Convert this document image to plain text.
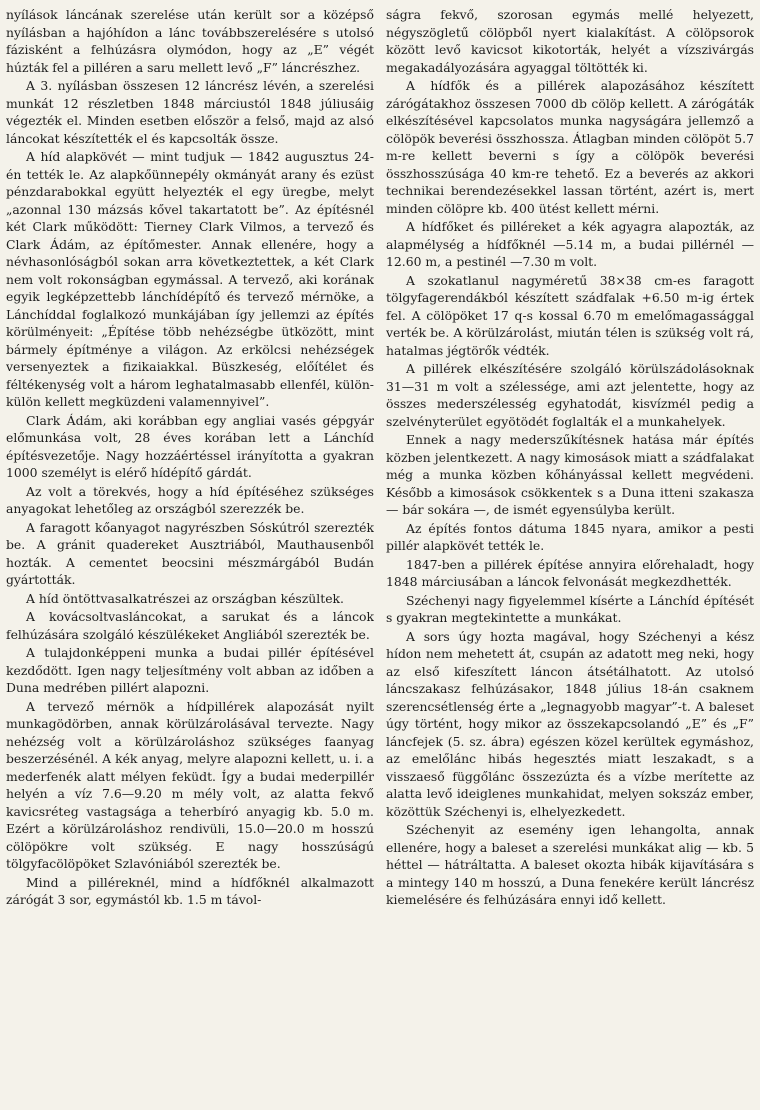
nyílások láncának szerelése után került sor a középső nyílásban a hajóhídon a lánc továbbszerelésére s utolsó fázisként a felhúzásra olymódon, hogy az „E” végét húzták fel a pilléren a saru mellett levő „F” láncrészhez.

A 3. nyílásban összesen 12 láncrész lévén, a szerelési munkát 12 részletben 1848 márciustól 1848 júliusáig végezték el. Minden esetben először a felső, majd az alsó láncokat készítették el és kapcsolták össze.

A híd alapkövét — mint tudjuk — 1842 augusztus 24-én tették le. Az alapkőünnepély okmányát arany és ezüst pénzdarabokkal együtt helyezték el egy üregbe, melyt „azonnal 130 mázsás kővel takartatott be”. Az építésnél két Clark működött: Tierney Clark Vilmos, a tervező és Clark Ádám, az építőmester. Annak ellenére, hogy a névhasonlóságból sokan arra következtettek, a két Clark nem volt rokonságban egymással. A tervező, aki korának egyik legképzettebb lánchídépítő és tervező mérnöke, a Lánchíddal foglalkozó munkájában így jellemzi az építés körülményeit: „Építése több nehézségbe ütközött, mint bármely építménye a világon. Az erkölcsi nehézségek versenyeztek a fizikaiakkal. Büszkeség, előítélet és féltékenység volt a három leghatalmasabb ellenfél, külön-külön kellett megküzdeni valamennyivel”.

Clark Ádám, aki korábban egy angliai vasés gépgyár előmunkása volt, 28 éves korában lett a Lánchíd építésvezetője. Nagy hozzáértéssel irányította a gyakran 1000 személyt is elérő hídépítő gárdát.

Az volt a törekvés, hogy a híd építéséhez szükséges anyagokat lehetőleg az országból szerezzék be.

A faragott kőanyagot nagyrészben Sóskútról szerezték be. A gránit quadereket Ausztriából, Mauthausenből hozták. A cementet beocsini mészmárgából Budán gyártották.

A híd öntöttvasalkatrészei az országban készültek.

A kovácsoltvasláncokat, a sarukat és a láncok felhúzására szolgáló készülékeket Angliából szerezték be.

A tulajdonképpeni munka a budai pillér építésével kezdődött. Igen nagy teljesítmény volt abban az időben a Duna medrében pillért alapozni.

A tervező mérnök a hídpillérek alapozását nyilt munkagödörben, annak körülzárolásával tervezte. Nagy nehézség volt a körülzároláshoz szükséges faanyag beszerzésénél. A kék anyag, melyre alapozni kellett, u. i. a mederfenék alatt mélyen feküdt. Így a budai mederpillér helyén a víz 7.6—9.20 m mély volt, az alatta fekvő kavicsréteg vastagsága a teherbíró anyagig kb. 5.0 m. Ezért a körülzároláshoz rendivüli, 15.0—20.0 m hosszú cölöpökre volt szükség. E nagy hosszúságú tölgyfacölöpöket Szlavóniából szerezték be.

Mind a pilléreknél, mind a hídfőknél alkalmazott zárógát 3 sor, egymástól kb. 1.5 m távol-

ságra fekvő, szorosan egymás mellé helyezett, négyszögletű cölöpből nyert kialakítást. A cölöpsorok között levő kavicsot kikotorták, helyét a vízszivárgás megakadályozására agyaggal töltötték ki.

A hídfők és a pillérek alapozásához készített zárógátakhoz összesen 7000 db cölöp kellett. A zárógáták elkészítésével kapcsolatos munka nagyságára jellemző a cölöpök beverési összhossza. Átlagban minden cölöpöt 5.7 m-re kellett beverni s így a cölöpök beverési összhosszúsága 40 km-re tehető. Ez a beverés az akkori technikai berendezésekkel lassan történt, azért is, mert minden cölöpre kb. 400 ütést kellett mérni.

A hídfőket és pilléreket a kék agyagra alapozták, az alapmélység a hídfőknél —5.14 m, a budai pillérnél —12.60 m, a pestinél —7.30 m volt.

A szokatlanul nagyméretű 38×38 cm-es faragott tölgyfagerendákból készített szádfalak +6.50 m-ig értek fel. A cölöpöket 17 q-s kossal 6.70 m emelőmagassággal verték be. A körülzárolást, miután télen is szükség volt rá, hatalmas jégtörők védték.

A pillérek elkészítésére szolgáló körülszádolásoknak 31—31 m volt a szélessége, ami azt jelentette, hogy az összes mederszélesség egyhatodát, kisvízmél pedig a szelvényterület egyötödét foglalták el a munkahelyek.

Ennek a nagy mederszűkítésnek hatása már építés közben jelentkezett. A nagy kimosások miatt a szádfalakat még a munka közben kőhányással kellett megvédeni. Később a kimosások csökkentek s a Duna itteni szakasza — bár sokára —, de ismét egyensúlyba került.

Az építés fontos dátuma 1845 nyara, amikor a pesti pillér alapkövét tették le.

1847-ben a pillérek építése annyira előrehaladt, hogy 1848 márciusában a láncok felvonását megkezdhették.

Széchenyi nagy figyelemmel kísérte a Lánchíd építését s gyakran megtekintette a munkákat.

A sors úgy hozta magával, hogy Széchenyi a kész hídon nem mehetett át, csupán az adatott meg neki, hogy az első kifeszített láncon átsétálhatott. Az utolsó láncszakasz felhúzásakor, 1848 július 18-án csaknem szerencsétlenség érte a „legnagyobb magyar”-t. A baleset úgy történt, hogy mikor az összekapcsolandó „E” és „F” láncfejek (5. sz. ábra) egészen közel kerültek egymáshoz, az emelőlánc hibás hegesztés miatt leszakadt, s a visszaeső függőlánc összezúzta és a vízbe merítette az alatta levő ideiglenes munkahidat, melyen sokszáz ember, közöttük Széchenyi is, elhelyezkedett.

Széchenyit az esemény igen lehangolta, annak ellenére, hogy a baleset a szerelési munkákat alig — kb. 5 héttel — hátráltatta. A baleset okozta hibák kijavítására s a mintegy 140 m hosszú, a Duna fenekére került láncrész kiemelésére és felhúzására ennyi idő kellett.
